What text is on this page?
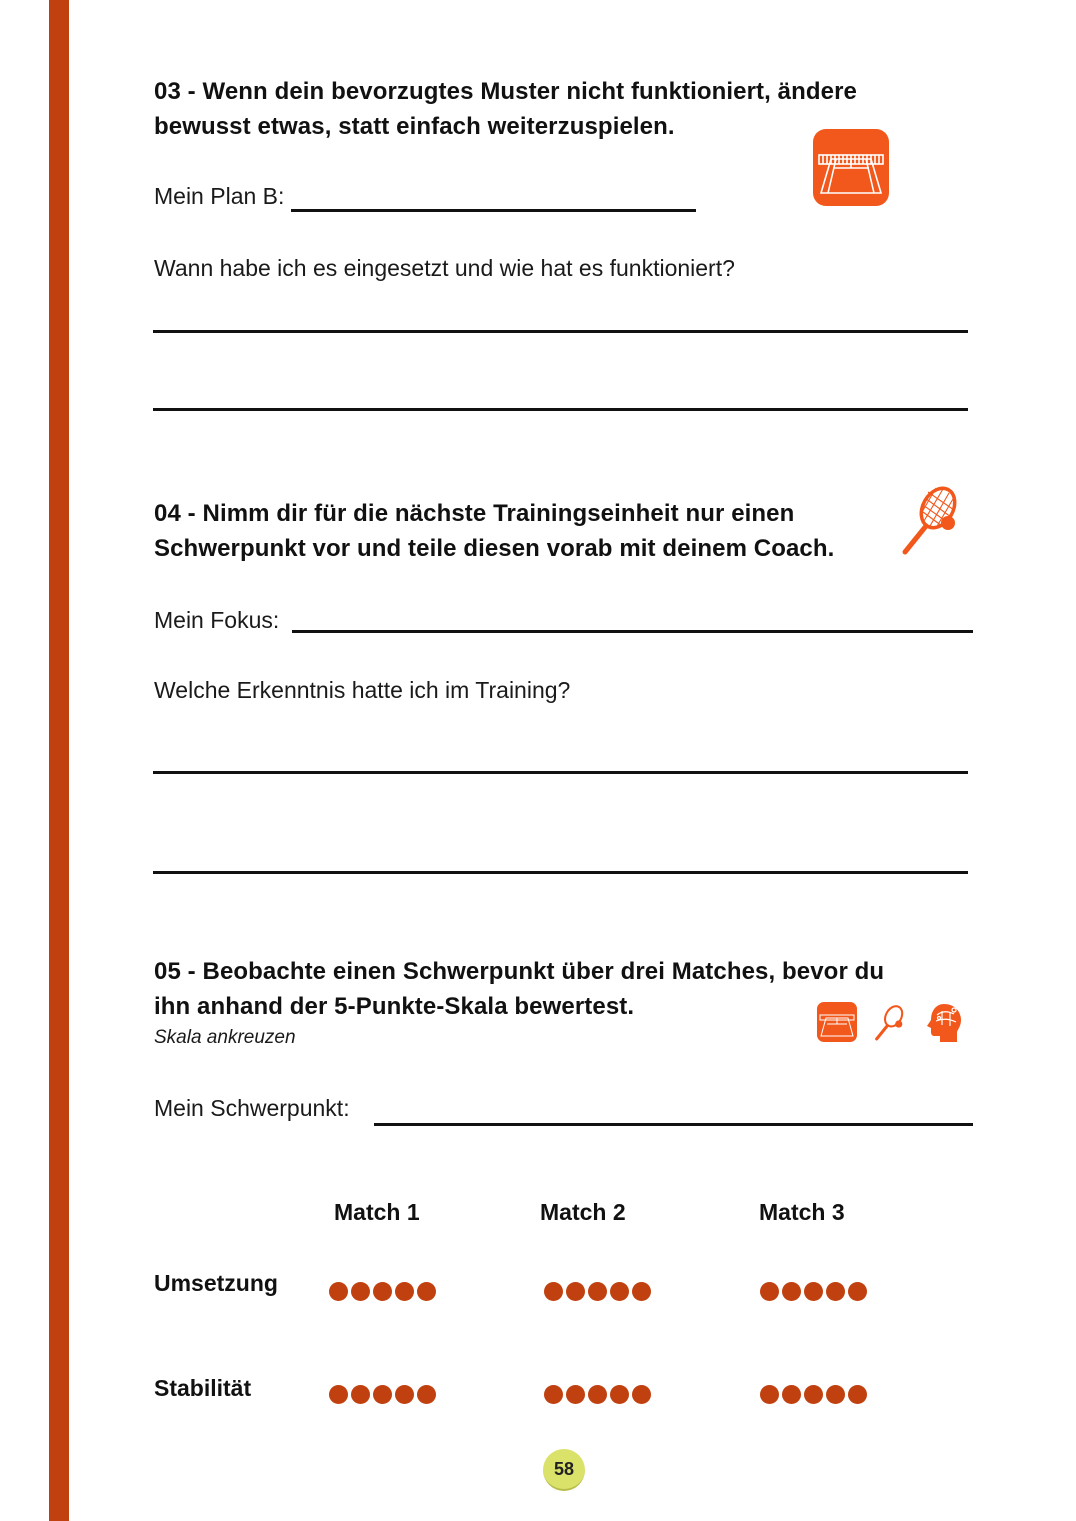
03 - Wenn dein bevorzugtes Muster nicht funktioniert, ändere
bewusst etwas, statt einfach weiterzuspielen.
Mein Plan B:
Wann habe ich es eingesetzt und wie hat es funktioniert?
04 - Nimm dir für die nächste Trainingseinheit nur einen
Schwerpunkt vor und teile diesen vorab mit deinem Coach.
Mein Fokus:
Welche Erkenntnis hatte ich im Training?
05 - Beobachte einen Schwerpunkt über drei Matches, bevor du
ihn anhand der 5-Punkte-Skala bewertest.
Skala ankreuzen
Mein Schwerpunkt:
Match 1	Match 2	Match 3
Umsetzung
Stabilität
58
